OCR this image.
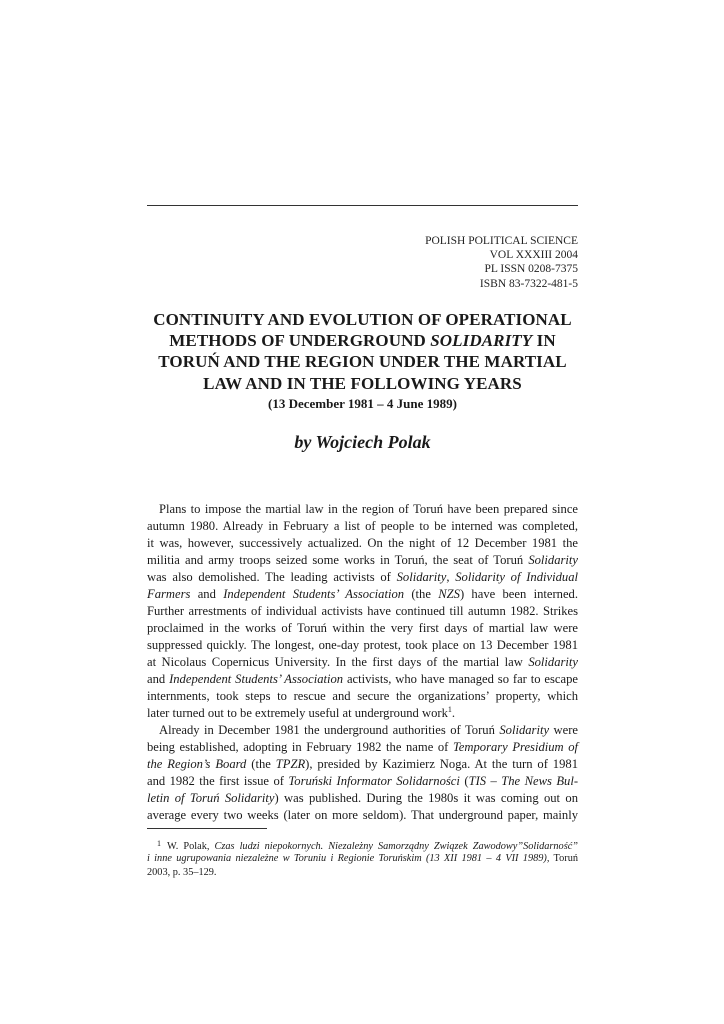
POLISH POLITICAL SCIENCE
VOL XXXIII 2004
PL ISSN 0208-7375
ISBN 83-7322-481-5
CONTINUITY AND EVOLUTION OF OPERATIONAL
METHODS OF UNDERGROUND SOLIDARITY IN
TORUŃ AND THE REGION UNDER THE MARTIAL
LAW AND IN THE FOLLOWING YEARS
(13 December 1981 – 4 June 1989)
by Wojciech Polak
Plans to impose the martial law in the region of Toruń have been prepared since
autumn 1980. Already in February a list of people to be interned was completed,
it was, however, successively actualized. On the night of 12 December 1981 the
militia and army troops seized some works in Toruń, the seat of Toruń Solidarity
was also demolished. The leading activists of Solidarity, Solidarity of Individual
Farmers and Independent Students’ Association (the NZS) have been interned.
Further arrestments of individual activists have continued till autumn 1982. Strikes
proclaimed in the works of Toruń within the very first days of martial law were
suppressed quickly. The longest, one-day protest, took place on 13 December 1981
at Nicolaus Copernicus University. In the first days of the martial law Solidarity
and Independent Students’ Association activists, who have managed so far to escape
internments, took steps to rescue and secure the organizations’ property, which
later turned out to be extremely useful at underground work$^1$.
Already in December 1981 the underground authorities of Toruń Solidarity were
being established, adopting in February 1982 the name of Temporary Presidium of
the Region’s Board (the TPZR), presided by Kazimierz Noga. At the turn of 1981
and 1982 the first issue of Toruński Informator Solidarności (TIS – The News Bul-
letin of Toruń Solidarity) was published. During the 1980s it was coming out on
average every two weeks (later on more seldom). That underground paper, mainly
$^1$ W. Polak, Czas ludzi niepokornych. Niezależny Samorządny Związek Zawodowy”Solidarność”
i inne ugrupowania niezależne w Toruniu i Regionie Toruńskim (13 XII 1981 – 4 VII 1989), Toruń
2003, p. 35–129.
